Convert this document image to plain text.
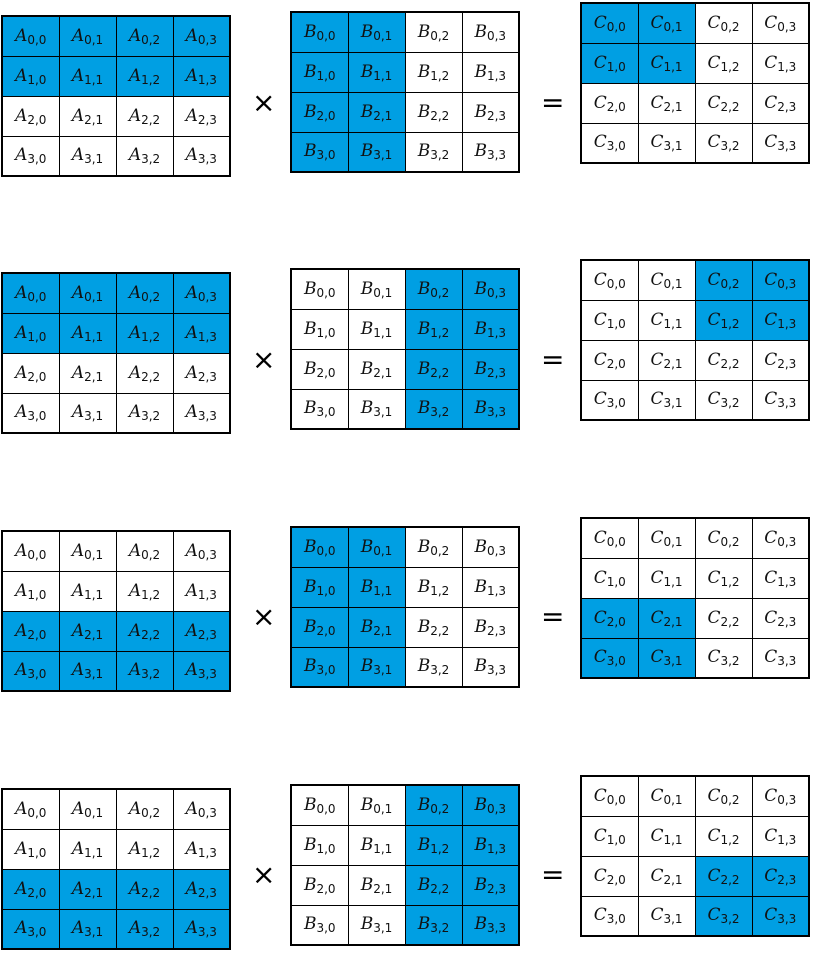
$A_{0,0}$	$A_{0,1}$	$A_{0,2}$	$A_{0,3}$
$A_{1,0}$	$A_{1,1}$	$A_{1,2}$	$A_{1,3}$
$A_{2,0}$	$A_{2,1}$	$A_{2,2}$	$A_{2,3}$
$A_{3,0}$	$A_{3,1}$	$A_{3,2}$	$A_{3,3}$
×
$B_{0,0}$	$B_{0,1}$	$B_{0,2}$	$B_{0,3}$
$B_{1,0}$	$B_{1,1}$	$B_{1,2}$	$B_{1,3}$
$B_{2,0}$	$B_{2,1}$	$B_{2,2}$	$B_{2,3}$
$B_{3,0}$	$B_{3,1}$	$B_{3,2}$	$B_{3,3}$
=
$C_{0,0}$	$C_{0,1}$	$C_{0,2}$	$C_{0,3}$
$C_{1,0}$	$C_{1,1}$	$C_{1,2}$	$C_{1,3}$
$C_{2,0}$	$C_{2,1}$	$C_{2,2}$	$C_{2,3}$
$C_{3,0}$	$C_{3,1}$	$C_{3,2}$	$C_{3,3}$
$A_{0,0}$	$A_{0,1}$	$A_{0,2}$	$A_{0,3}$
$A_{1,0}$	$A_{1,1}$	$A_{1,2}$	$A_{1,3}$
$A_{2,0}$	$A_{2,1}$	$A_{2,2}$	$A_{2,3}$
$A_{3,0}$	$A_{3,1}$	$A_{3,2}$	$A_{3,3}$
×
$B_{0,0}$	$B_{0,1}$	$B_{0,2}$	$B_{0,3}$
$B_{1,0}$	$B_{1,1}$	$B_{1,2}$	$B_{1,3}$
$B_{2,0}$	$B_{2,1}$	$B_{2,2}$	$B_{2,3}$
$B_{3,0}$	$B_{3,1}$	$B_{3,2}$	$B_{3,3}$
=
$C_{0,0}$	$C_{0,1}$	$C_{0,2}$	$C_{0,3}$
$C_{1,0}$	$C_{1,1}$	$C_{1,2}$	$C_{1,3}$
$C_{2,0}$	$C_{2,1}$	$C_{2,2}$	$C_{2,3}$
$C_{3,0}$	$C_{3,1}$	$C_{3,2}$	$C_{3,3}$
$A_{0,0}$	$A_{0,1}$	$A_{0,2}$	$A_{0,3}$
$A_{1,0}$	$A_{1,1}$	$A_{1,2}$	$A_{1,3}$
$A_{2,0}$	$A_{2,1}$	$A_{2,2}$	$A_{2,3}$
$A_{3,0}$	$A_{3,1}$	$A_{3,2}$	$A_{3,3}$
×
$B_{0,0}$	$B_{0,1}$	$B_{0,2}$	$B_{0,3}$
$B_{1,0}$	$B_{1,1}$	$B_{1,2}$	$B_{1,3}$
$B_{2,0}$	$B_{2,1}$	$B_{2,2}$	$B_{2,3}$
$B_{3,0}$	$B_{3,1}$	$B_{3,2}$	$B_{3,3}$
=
$C_{0,0}$	$C_{0,1}$	$C_{0,2}$	$C_{0,3}$
$C_{1,0}$	$C_{1,1}$	$C_{1,2}$	$C_{1,3}$
$C_{2,0}$	$C_{2,1}$	$C_{2,2}$	$C_{2,3}$
$C_{3,0}$	$C_{3,1}$	$C_{3,2}$	$C_{3,3}$
$A_{0,0}$	$A_{0,1}$	$A_{0,2}$	$A_{0,3}$
$A_{1,0}$	$A_{1,1}$	$A_{1,2}$	$A_{1,3}$
$A_{2,0}$	$A_{2,1}$	$A_{2,2}$	$A_{2,3}$
$A_{3,0}$	$A_{3,1}$	$A_{3,2}$	$A_{3,3}$
×
$B_{0,0}$	$B_{0,1}$	$B_{0,2}$	$B_{0,3}$
$B_{1,0}$	$B_{1,1}$	$B_{1,2}$	$B_{1,3}$
$B_{2,0}$	$B_{2,1}$	$B_{2,2}$	$B_{2,3}$
$B_{3,0}$	$B_{3,1}$	$B_{3,2}$	$B_{3,3}$
=
$C_{0,0}$	$C_{0,1}$	$C_{0,2}$	$C_{0,3}$
$C_{1,0}$	$C_{1,1}$	$C_{1,2}$	$C_{1,3}$
$C_{2,0}$	$C_{2,1}$	$C_{2,2}$	$C_{2,3}$
$C_{3,0}$	$C_{3,1}$	$C_{3,2}$	$C_{3,3}$
